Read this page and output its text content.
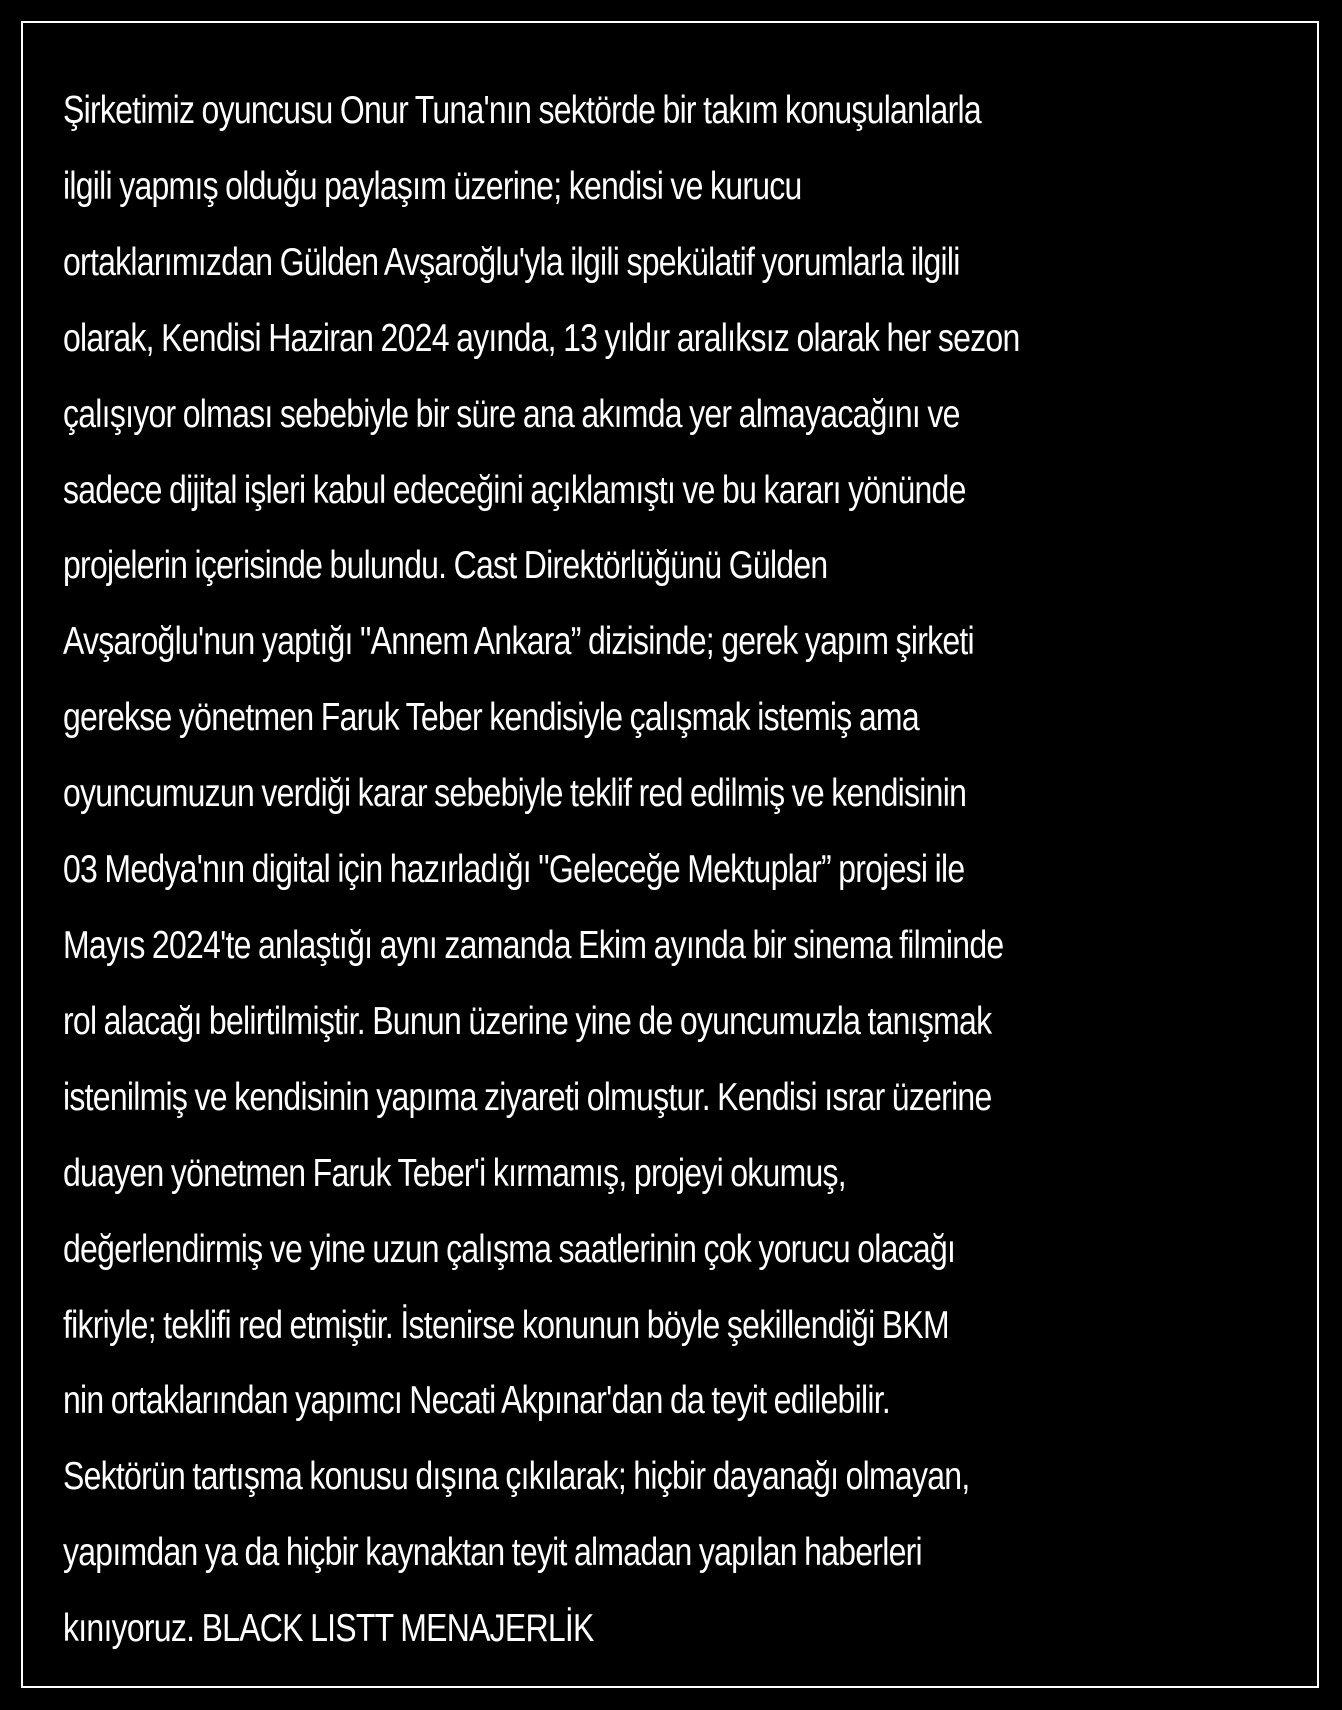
Şirketimiz oyuncusu Onur Tuna'nın sektörde bir takım konuşulanlarla
ilgili yapmış olduğu paylaşım üzerine; kendisi ve kurucu
ortaklarımızdan Gülden Avşaroğlu'yla ilgili spekülatif yorumlarla ilgili
olarak, Kendisi Haziran 2024 ayında, 13 yıldır aralıksız olarak her sezon
çalışıyor olması sebebiyle bir süre ana akımda yer almayacağını ve
sadece dijital işleri kabul edeceğini açıklamıştı ve bu kararı yönünde
projelerin içerisinde bulundu. Cast Direktörlüğünü Gülden
Avşaroğlu'nun yaptığı "Annem Ankara” dizisinde; gerek yapım şirketi
gerekse yönetmen Faruk Teber kendisiyle çalışmak istemiş ama
oyuncumuzun verdiği karar sebebiyle teklif red edilmiş ve kendisinin
03 Medya'nın digital için hazırladığı "Geleceğe Mektuplar” projesi ile
Mayıs 2024'te anlaştığı aynı zamanda Ekim ayında bir sinema filminde
rol alacağı belirtilmiştir. Bunun üzerine yine de oyuncumuzla tanışmak
istenilmiş ve kendisinin yapıma ziyareti olmuştur. Kendisi ısrar üzerine
duayen yönetmen Faruk Teber'i kırmamış, projeyi okumuş,
değerlendirmiş ve yine uzun çalışma saatlerinin çok yorucu olacağı
fikriyle; teklifi red etmiştir. İstenirse konunun böyle şekillendiği BKM
nin ortaklarından yapımcı Necati Akpınar'dan da teyit edilebilir.
Sektörün tartışma konusu dışına çıkılarak; hiçbir dayanağı olmayan,
yapımdan ya da hiçbir kaynaktan teyit almadan yapılan haberleri
kınıyoruz. BLACK LISTT MENAJERLİK
